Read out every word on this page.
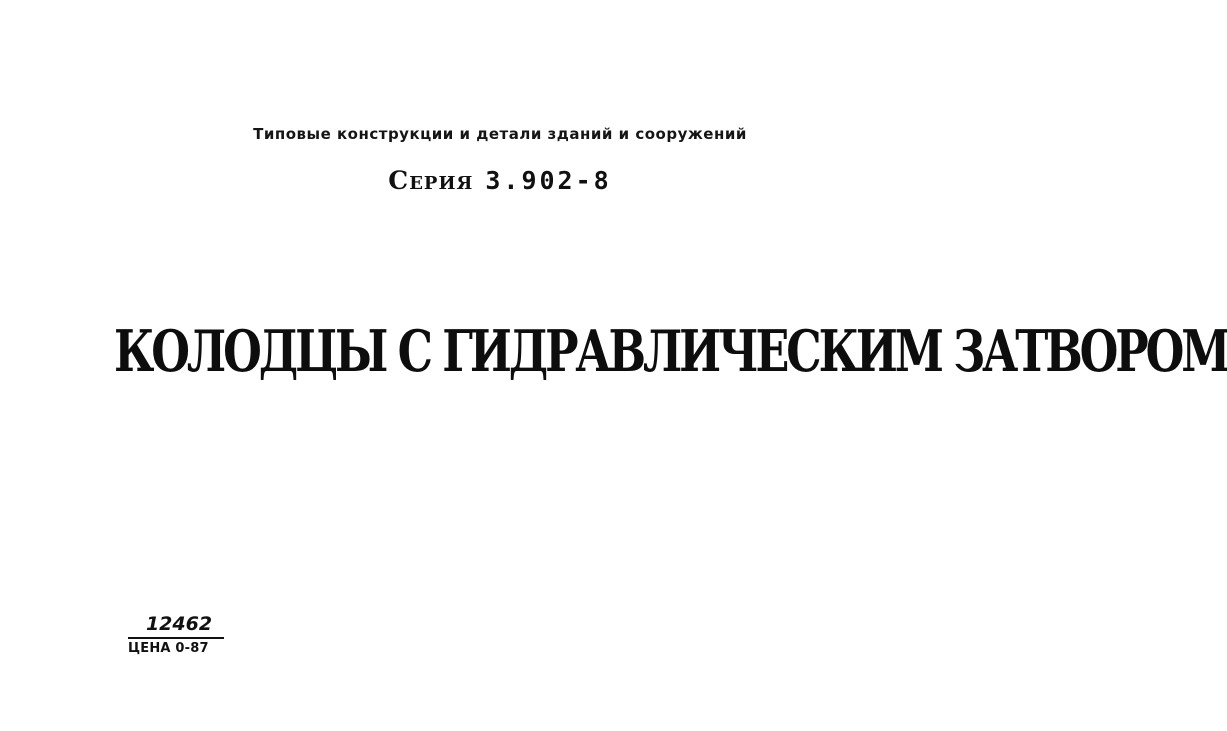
Типовые конструкции и детали зданий и сооружений
Серия 3.902-8
КОЛОДЦЫ С ГИДРАВЛИЧЕСКИМ ЗАТВОРОМ
12462
ЦЕНА 0-87
